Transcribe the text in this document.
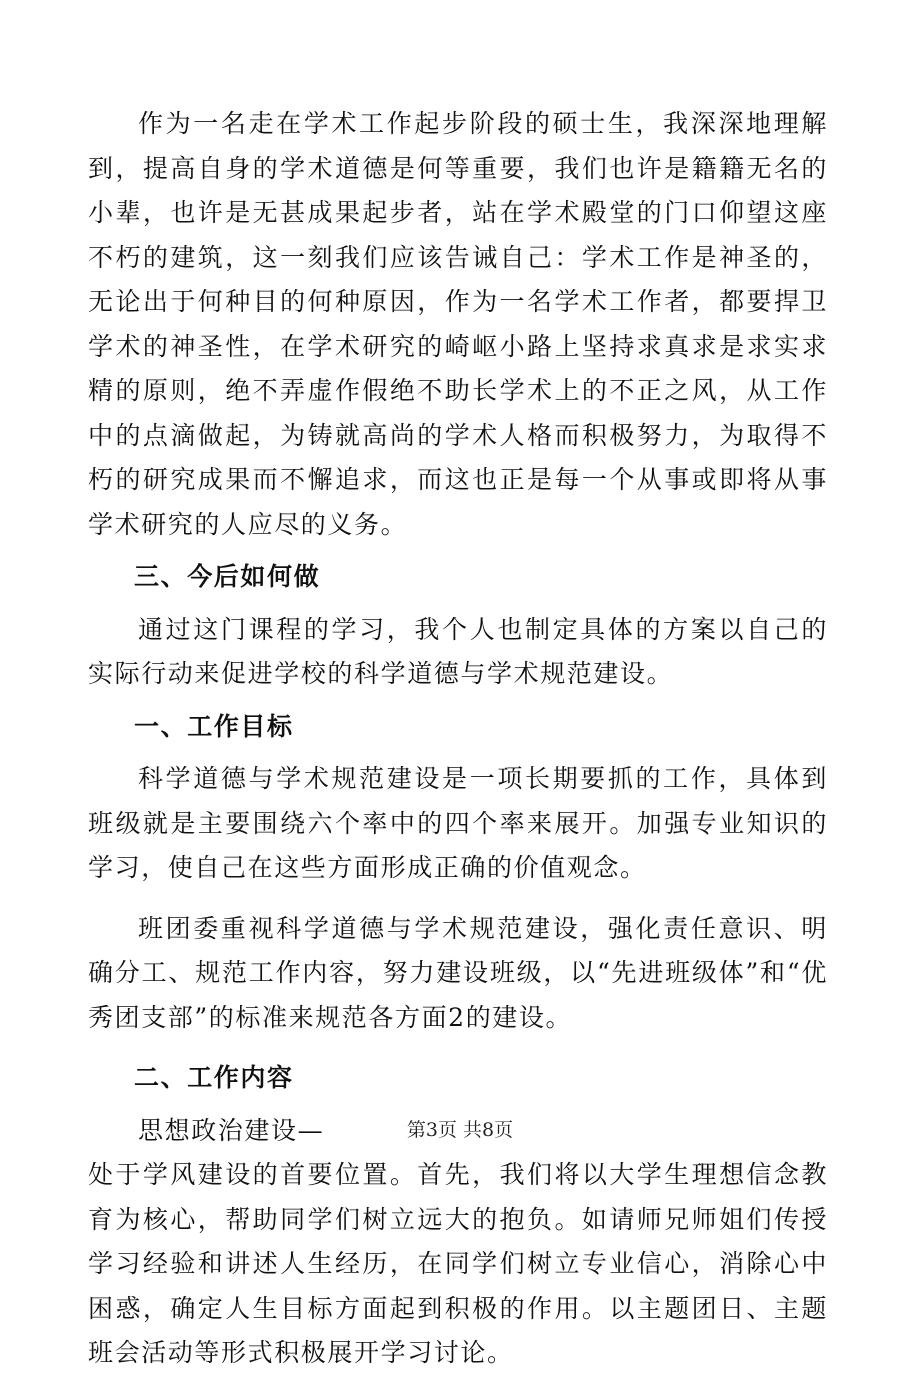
作为一名走在学术工作起步阶段的硕士生，我深深地理解到，提高自身的学术道德是何等重要，我们也许是籍籍无名的小辈，也许是无甚成果起步者，站在学术殿堂的门口仰望这座不朽的建筑，这一刻我们应该告诫自己：学术工作是神圣的，无论出于何种目的何种原因，作为一名学术工作者，都要捍卫学术的神圣性，在学术研究的崎岖小路上坚持求真求是求实求精的原则，绝不弄虚作假绝不助长学术上的不正之风，从工作中的点滴做起，为铸就高尚的学术人格而积极努力，为取得不朽的研究成果而不懈追求，而这也正是每一个从事或即将从事学术研究的人应尽的义务。

三、今后如何做

通过这门课程的学习，我个人也制定具体的方案以自己的实际行动来促进学校的科学道德与学术规范建设。

一、工作目标

科学道德与学术规范建设是一项长期要抓的工作，具体到班级就是主要围绕六个率中的四个率来展开。加强专业知识的学习，使自己在这些方面形成正确的价值观念。

班团委重视科学道德与学术规范建设，强化责任意识、明确分工、规范工作内容，努力建设班级，以“先进班级体”和“优秀团支部”的标准来规范各方面2的建设。

二、工作内容

思想政治建设—

处于学风建设的首要位置。首先，我们将以大学生理想信念教育为核心，帮助同学们树立远大的抱负。如请师兄师姐们传授学习经验和讲述人生经历，在同学们树立专业信心，消除心中困惑，确定人生目标方面起到积极的作用。以主题团日、主题班会活动等形式积极展开学习讨论。

第3页 共8页
